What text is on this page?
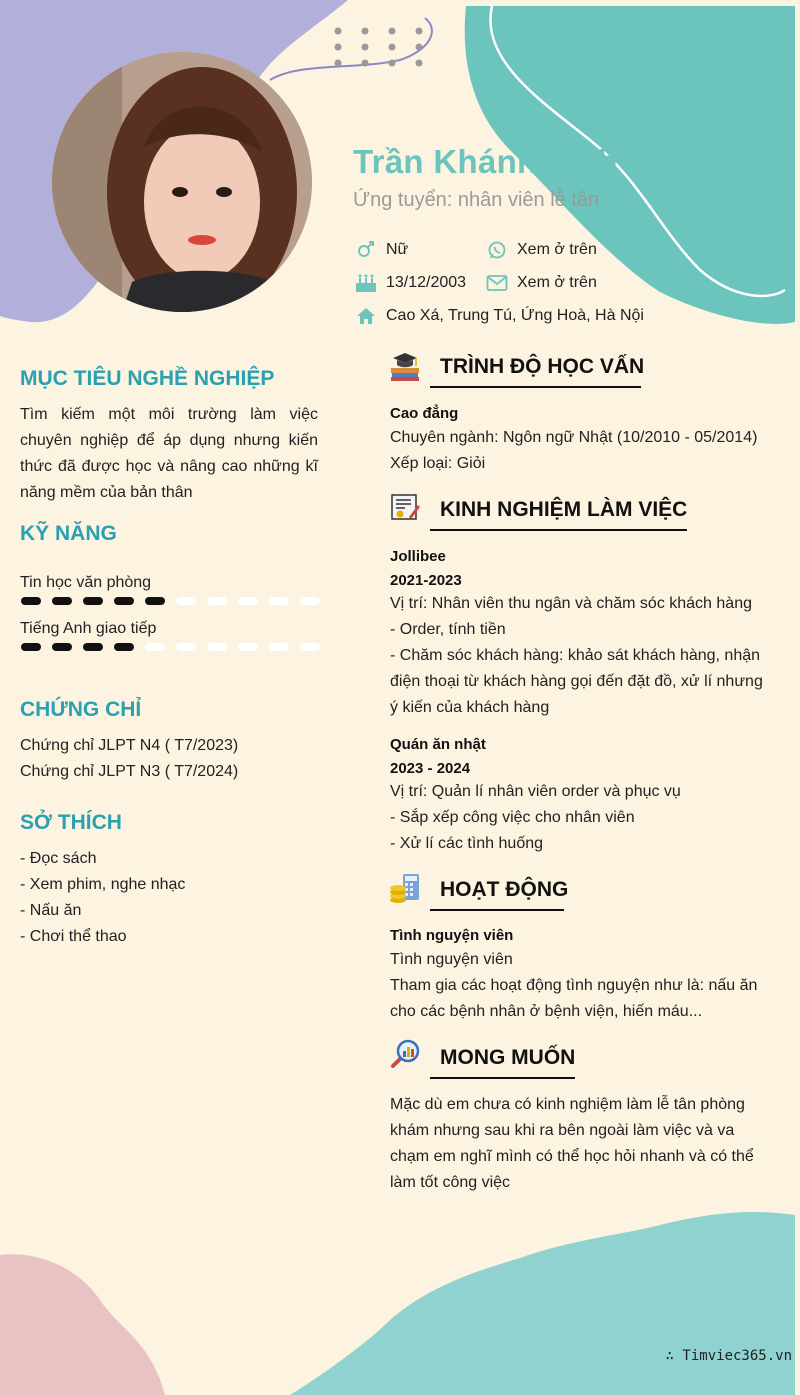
Trần Khánh Linh
Ứng tuyển: nhân viên lễ tân
Nữ	Xem ở trên
13/12/2003	Xem ở trên
Cao Xá, Trung Tú, Ứng Hoà, Hà Nội
MỤC TIÊU NGHỀ NGHIỆP
Tìm kiếm một môi trường làm việc chuyên nghiệp để áp dụng nhưng kiến thức đã được học và nâng cao những kĩ năng mềm của bản thân
KỸ NĂNG
Tin học văn phòng
Tiếng Anh giao tiếp
CHỨNG CHỈ
Chứng chỉ JLPT N4 ( T7/2023)
Chứng chỉ JLPT N3 ( T7/2024)
SỞ THÍCH
- Đọc sách
- Xem phim, nghe nhạc
- Nấu ăn
- Chơi thể thao
TRÌNH ĐỘ HỌC VẤN
Cao đẳng
Chuyên ngành: Ngôn ngữ Nhật (10/2010 - 05/2014)
Xếp loại: Giỏi
KINH NGHIỆM LÀM VIỆC
Jollibee
2021-2023
Vị trí: Nhân viên thu ngân và chăm sóc khách hàng
- Order, tính tiền
- Chăm sóc khách hàng: khảo sát khách hàng, nhận điện thoại từ khách hàng gọi đến đặt đồ, xử lí nhưng ý kiến của khách hàng
Quán ăn nhật
2023 - 2024
Vị trí: Quản lí nhân viên order và phục vụ
- Sắp xếp công việc cho nhân viên
- Xử lí các tình huống
HOẠT ĐỘNG
Tình nguyện viên
Tình nguyện viên
Tham gia các hoạt động tình nguyện như là: nấu ăn cho các bệnh nhân ở bệnh viện, hiến máu...
MONG MUỐN
Mặc dù em chưa có kinh nghiệm làm lễ tân phòng khám nhưng sau khi ra bên ngoài làm việc và va chạm em nghĩ mình có thể học hỏi nhanh và có thể làm tốt công việc
∴ Timviec365.vn
